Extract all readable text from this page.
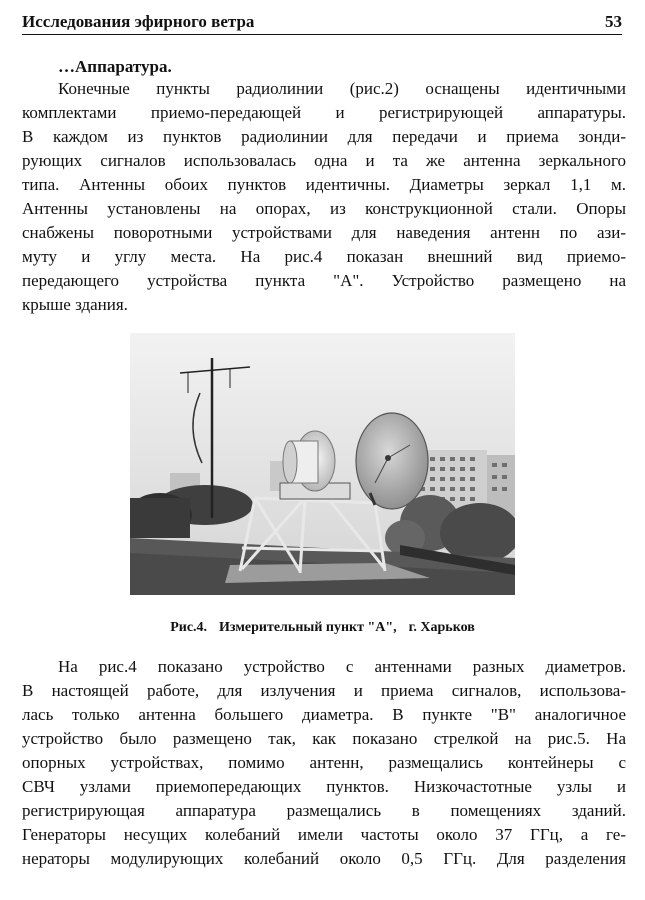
Исследования эфирного ветра	53
…Аппаратура.
Конечные пункты радиолинии (рис.2) оснащены идентичными
комплектами приемо-передающей и регистрирующей аппаратуры.
В каждом из пунктов радиолинии для передачи и приема зонди-
рующих сигналов использовалась одна и та же антенна зеркального
типа. Антенны обоих пунктов идентичны. Диаметры зеркал 1,1 м.
Антенны установлены на опорах, из конструкционной стали. Опоры
снабжены поворотными устройствами для наведения антенн по ази-
муту и углу места. На рис.4 показан внешний вид приемо-
передающего устройства пункта "А". Устройство размещено на
крыше здания.
Рис.4. Измерительный пункт "А", г. Харьков
На рис.4 показано устройство с антеннами разных диаметров.
В настоящей работе, для излучения и приема сигналов, использова-
лась только антенна большего диаметра. В пункте "В" аналогичное
устройство было размещено так, как показано стрелкой на рис.5. На
опорных устройствах, помимо антенн, размещались контейнеры с
СВЧ узлами приемопередающих пунктов. Низкочастотные узлы и
регистрирующая аппаратура размещались в помещениях зданий.
Генераторы несущих колебаний имели частоты около 37 ГГц, а ге-
нераторы модулирующих колебаний около 0,5 ГГц. Для разделения
